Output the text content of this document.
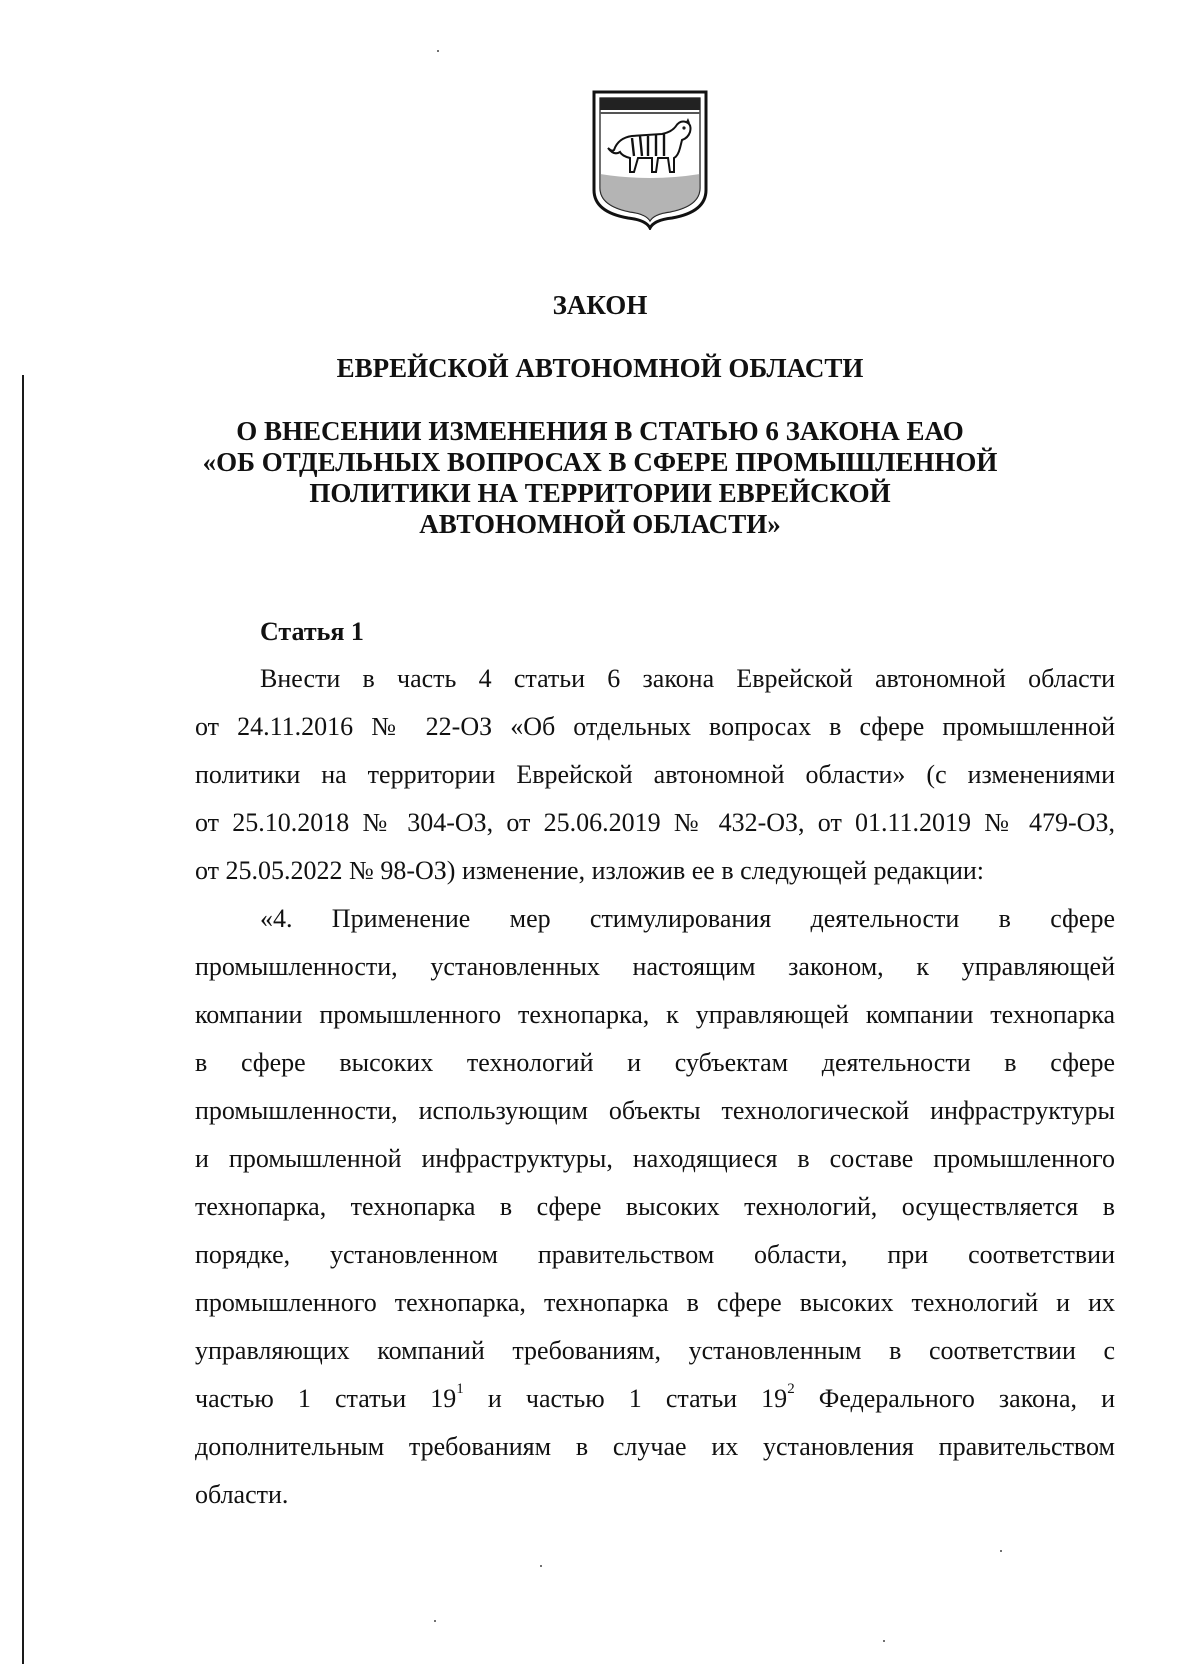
ЗАКОН
ЕВРЕЙСКОЙ АВТОНОМНОЙ ОБЛАСТИ
О ВНЕСЕНИИ ИЗМЕНЕНИЯ В СТАТЬЮ 6 ЗАКОНА ЕАО
«ОБ ОТДЕЛЬНЫХ ВОПРОСАХ В СФЕРЕ ПРОМЫШЛЕННОЙ
ПОЛИТИКИ НА ТЕРРИТОРИИ ЕВРЕЙСКОЙ
АВТОНОМНОЙ ОБЛАСТИ»
Статья 1

Внести в часть 4 статьи 6 закона Еврейской автономной области
от 24.11.2016 № 22-ОЗ «Об отдельных вопросах в сфере промышленной
политики на территории Еврейской автономной области» (с изменениями
от 25.10.2018 № 304-ОЗ, от 25.06.2019 № 432-ОЗ, от 01.11.2019 № 479-ОЗ,
от 25.05.2022 № 98-ОЗ) изменение, изложив ее в следующей редакции:

«4. Применение мер стимулирования деятельности в сфере
промышленности, установленных настоящим законом, к управляющей
компании промышленного технопарка, к управляющей компании технопарка
в сфере высоких технологий и субъектам деятельности в сфере
промышленности, использующим объекты технологической инфраструктуры
и промышленной инфраструктуры, находящиеся в составе промышленного
технопарка, технопарка в сфере высоких технологий, осуществляется в
порядке, установленном правительством области, при соответствии
промышленного технопарка, технопарка в сфере высоких технологий и их
управляющих компаний требованиям, установленным в соответствии с
частью 1 статьи $19^1$ и частью 1 статьи $19^2$ Федерального закона, и
дополнительным требованиям в случае их установления правительством
области.
